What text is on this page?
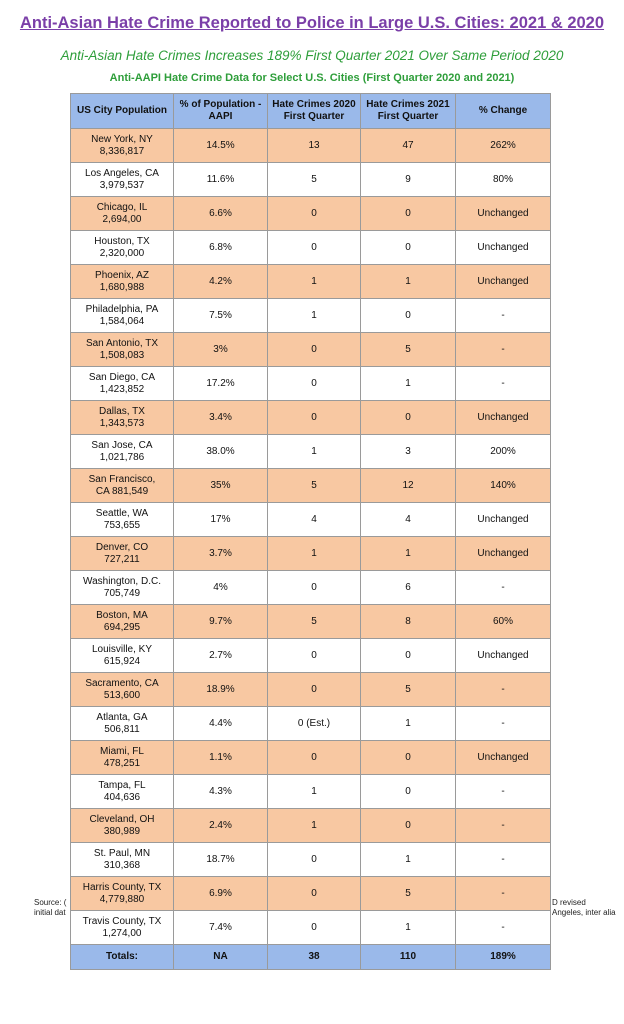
Anti-Asian Hate Crime Reported to Police in Large U.S. Cities: 2021 & 2020
Anti-Asian Hate Crimes Increases 189% First Quarter 2021 Over Same Period 2020
Anti-AAPI Hate Crime Data for Select U.S. Cities (First Quarter 2020 and 2021)
Source: (
initial dat
D revised
Angeles, inter alia
US City Population	% of Population - AAPI	Hate Crimes 2020 First Quarter	Hate Crimes 2021 First Quarter	% Change

New York, NY
8,336,817	14.5%	13	47	262%

Los Angeles, CA
3,979,537	11.6%	5	9	80%

Chicago, IL
2,694,00	6.6%	0	0	Unchanged

Houston, TX
2,320,000	6.8%	0	0	Unchanged

Phoenix, AZ
1,680,988	4.2%	1	1	Unchanged

Philadelphia, PA
1,584,064	7.5%	1	0	-

San Antonio, TX
1,508,083	3%	0	5	-

San Diego, CA
1,423,852	17.2%	0	1	-

Dallas, TX
1,343,573	3.4%	0	0	Unchanged

San Jose, CA
1,021,786	38.0%	1	3	200%

San Francisco,
CA 881,549	35%	5	12	140%

Seattle, WA
753,655	17%	4	4	Unchanged

Denver, CO
727,211	3.7%	1	1	Unchanged

Washington, D.C.
705,749	4%	0	6	-

Boston, MA
694,295	9.7%	5	8	60%

Louisville, KY
615,924	2.7%	0	0	Unchanged

Sacramento, CA
513,600	18.9%	0	5	-

Atlanta, GA
506,811	4.4%	0 (Est.)	1	-

Miami, FL
478,251	1.1%	0	0	Unchanged

Tampa, FL
404,636	4.3%	1	0	-

Cleveland, OH
380,989	2.4%	1	0	-

St. Paul, MN
310,368	18.7%	0	1	-

Harris County, TX
4,779,880	6.9%	0	5	-

Travis County, TX
1,274,00	7.4%	0	1	-
Totals:	NA	38	110	189%
